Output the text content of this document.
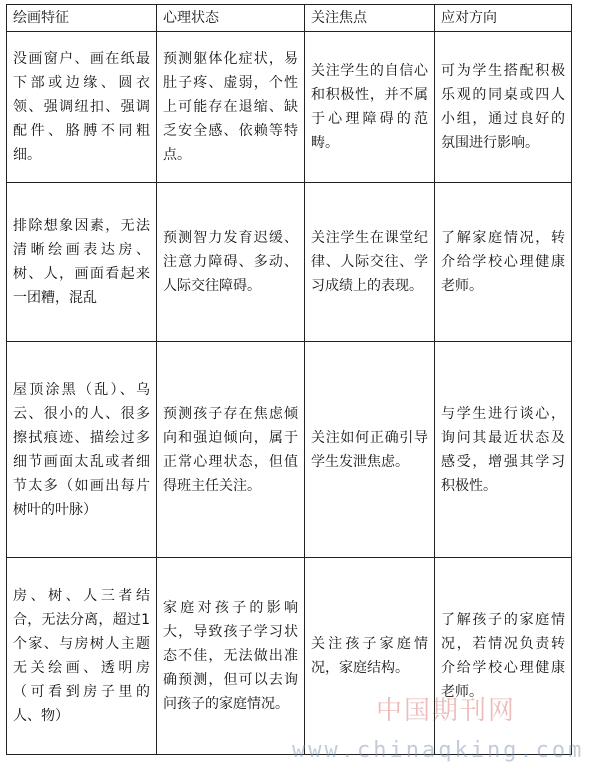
绘画特征	心理状态	关注焦点	应对方向
没画窗户、画在纸最下部或边缘、圆衣领、强调纽扣、强调配件、胳膊不同粗细。	预测躯体化症状，易肚子疼、虚弱，个性上可能存在退缩、缺乏安全感、依赖等特点。	关注学生的自信心和积极性，并不属于心理障碍的范畴。	可为学生搭配积极乐观的同桌或四人小组，通过良好的氛围进行影响。
排除想象因素，无法清晰绘画表达房、树、人，画面看起来一团糟，混乱	预测智力发育迟缓、注意力障碍、多动、人际交往障碍。	关注学生在课堂纪律、人际交往、学习成绩上的表现。	了解家庭情况，转介给学校心理健康老师。
屋顶涂黑（乱）、乌云、很小的人、很多擦拭痕迹、描绘过多细节画面太乱或者细节太多（如画出每片树叶的叶脉）	预测孩子存在焦虑倾向和强迫倾向，属于正常心理状态，但值得班主任关注。	关注如何正确引导学生发泄焦虑。	与学生进行谈心，询问其最近状态及感受，增强其学习积极性。
房、树、人三者结合，无法分离，超过1个家、与房树人主题无关绘画、透明房（可看到房子里的人、物）	家庭对孩子的影响大，导致孩子学习状态不佳，无法做出准确预测，但可以去询问孩子的家庭情况。	关注孩子家庭情况，家庭结构。	了解孩子的家庭情况，若情况负责转介给学校心理健康老师。
中国期刊网
www.chinaqking.com
